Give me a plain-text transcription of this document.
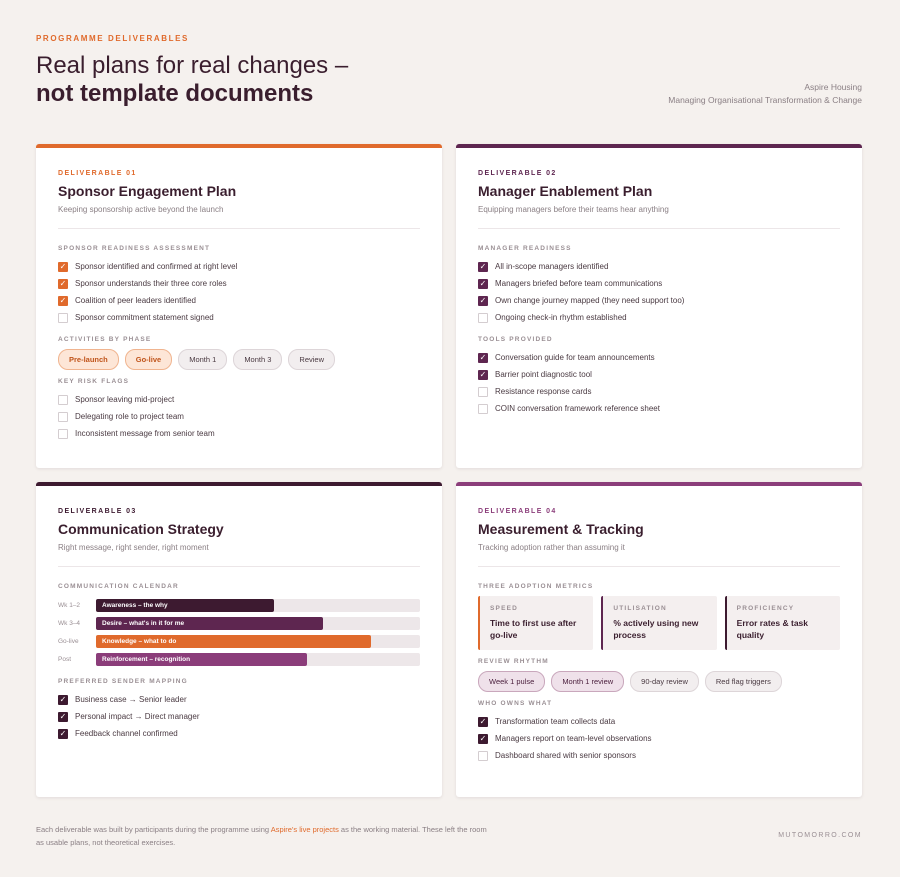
PROGRAMME DELIVERABLES
Real plans for real changes –
not template documents	Aspire Housing
Managing Organisational Transformation & Change
DELIVERABLE 01
Sponsor Engagement Plan
Keeping sponsorship active beyond the launch
SPONSOR READINESS ASSESSMENT
✓ Sponsor identified and confirmed at right level
✓ Sponsor understands their three core roles
✓ Coalition of peer leaders identified
Sponsor commitment statement signed
ACTIVITIES BY PHASE
Pre-launch	Go-live	Month 1	Month 3	Review
KEY RISK FLAGS
Sponsor leaving mid-project
Delegating role to project team
Inconsistent message from senior team
DELIVERABLE 02
Manager Enablement Plan
Equipping managers before their teams hear anything
MANAGER READINESS
✓ All in-scope managers identified
✓ Managers briefed before team communications
✓ Own change journey mapped (they need support too)
Ongoing check-in rhythm established
TOOLS PROVIDED
✓ Conversation guide for team announcements
✓ Barrier point diagnostic tool
Resistance response cards
COIN conversation framework reference sheet
DELIVERABLE 03
Communication Strategy
Right message, right sender, right moment
COMMUNICATION CALENDAR
Wk 1–2	Awareness – the why
Wk 3–4	Desire – what's in it for me
Go-live	Knowledge – what to do
Post	Reinforcement – recognition
PREFERRED SENDER MAPPING
✓ Business case → Senior leader
✓ Personal impact → Direct manager
✓ Feedback channel confirmed
DELIVERABLE 04
Measurement & Tracking
Tracking adoption rather than assuming it
THREE ADOPTION METRICS
SPEED
Time to first use after go-live
UTILISATION
% actively using new process
PROFICIENCY
Error rates & task quality
REVIEW RHYTHM
Week 1 pulse	Month 1 review	90-day review	Red flag triggers
WHO OWNS WHAT
✓ Transformation team collects data
✓ Managers report on team-level observations
Dashboard shared with senior sponsors
Each deliverable was built by participants during the programme using Aspire's live projects as the working material. These left the room as usable plans, not theoretical exercises.
MUTOMORRO.COM
